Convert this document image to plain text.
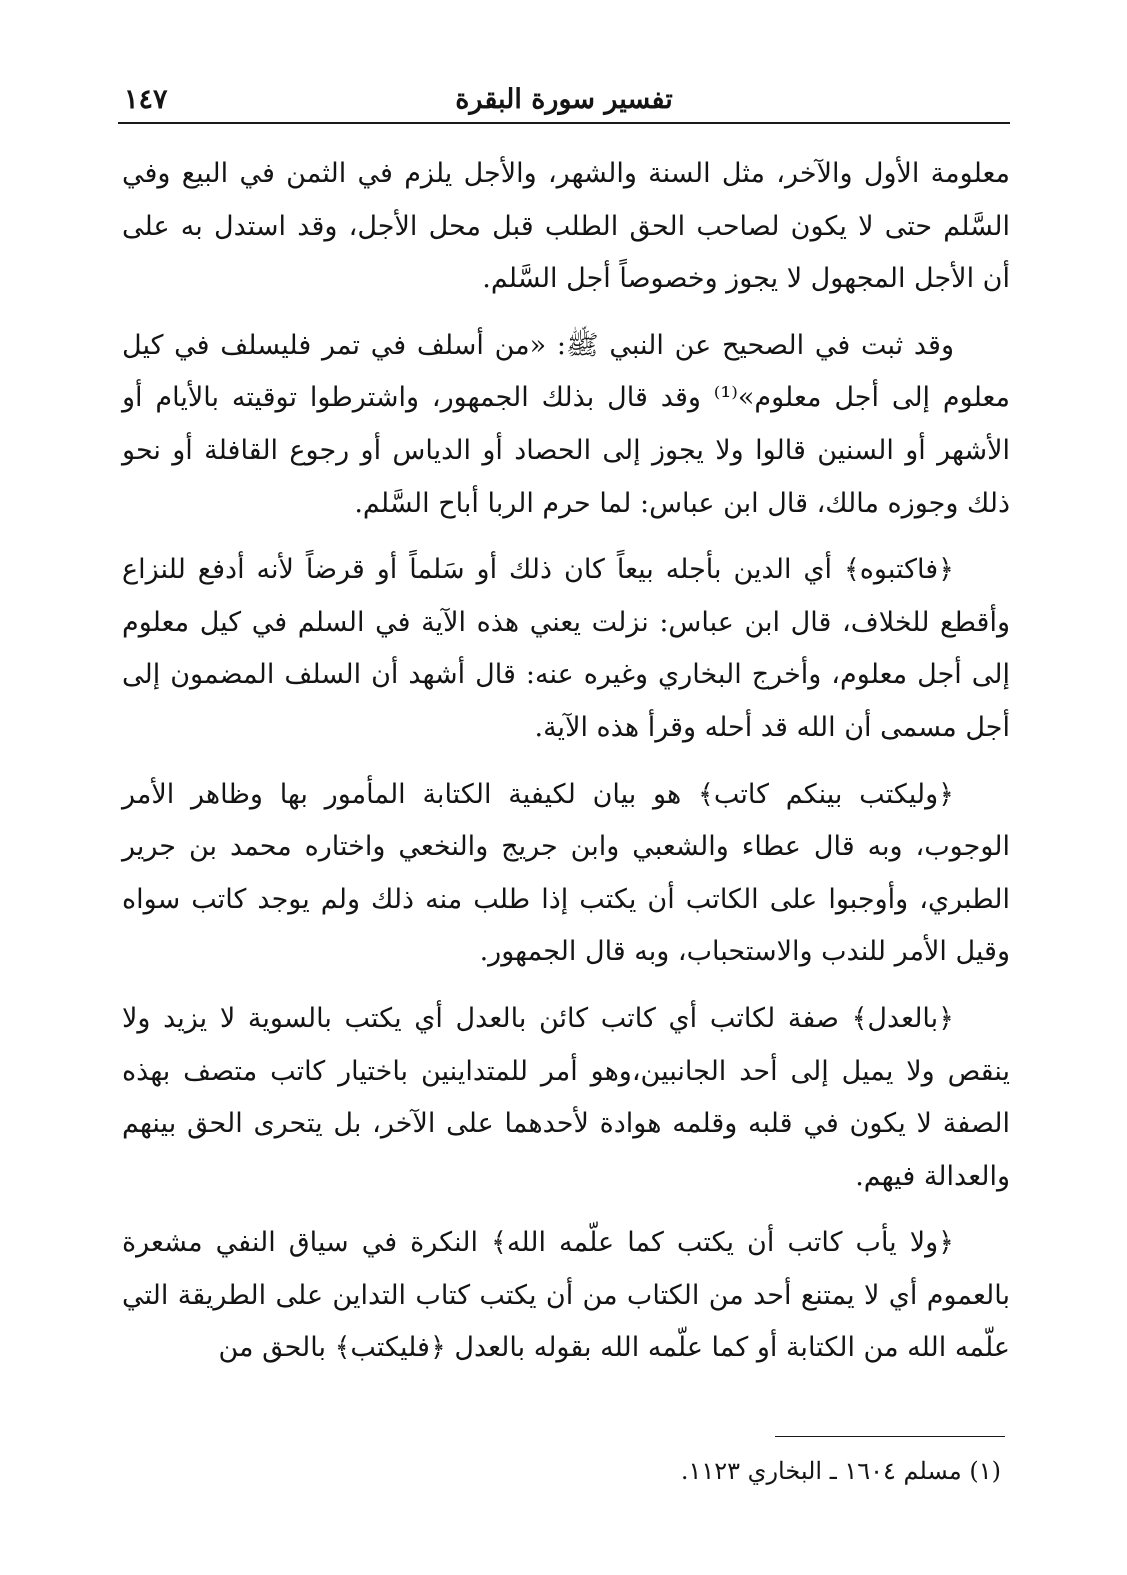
تفسير سورة البقرة
١٤٧

معلومة الأول والآخر، مثل السنة والشهر، والأجل يلزم في الثمن في البيع وفي السَّلم حتى لا يكون لصاحب الحق الطلب قبل محل الأجل، وقد استدل به على أن الأجل المجهول لا يجوز وخصوصاً أجل السَّلم.

وقد ثبت في الصحيح عن النبي ﷺ: «من أسلف في تمر فليسلف في كيل معلوم إلى أجل معلوم»⁽¹⁾ وقد قال بذلك الجمهور، واشترطوا توقيته بالأيام أو الأشهر أو السنين قالوا ولا يجوز إلى الحصاد أو الدياس أو رجوع القافلة أو نحو ذلك وجوزه مالك، قال ابن عباس: لما حرم الربا أباح السَّلم.

﴿فاكتبوه﴾ أي الدين بأجله بيعاً كان ذلك أو سَلماً أو قرضاً لأنه أدفع للنزاع وأقطع للخلاف، قال ابن عباس: نزلت يعني هذه الآية في السلم في كيل معلوم إلى أجل معلوم، وأخرج البخاري وغيره عنه: قال أشهد أن السلف المضمون إلى أجل مسمى أن الله قد أحله وقرأ هذه الآية.

﴿وليكتب بينكم كاتب﴾ هو بيان لكيفية الكتابة المأمور بها وظاهر الأمر الوجوب، وبه قال عطاء والشعبي وابن جريج والنخعي واختاره محمد بن جرير الطبري، وأوجبوا على الكاتب أن يكتب إذا طلب منه ذلك ولم يوجد كاتب سواه وقيل الأمر للندب والاستحباب، وبه قال الجمهور.

﴿بالعدل﴾ صفة لكاتب أي كاتب كائن بالعدل أي يكتب بالسوية لا يزيد ولا ينقص ولا يميل إلى أحد الجانبين،وهو أمر للمتداينين باختيار كاتب متصف بهذه الصفة لا يكون في قلبه وقلمه هوادة لأحدهما على الآخر، بل يتحرى الحق بينهم والعدالة فيهم.

﴿ولا يأب كاتب أن يكتب كما علّمه الله﴾ النكرة في سياق النفي مشعرة بالعموم أي لا يمتنع أحد من الكتاب من أن يكتب كتاب التداين على الطريقة التي علّمه الله من الكتابة أو كما علّمه الله بقوله بالعدل ﴿فليكتب﴾ بالحق من

(١) مسلم ١٦٠٤ ـ البخاري ١١٢٣.
